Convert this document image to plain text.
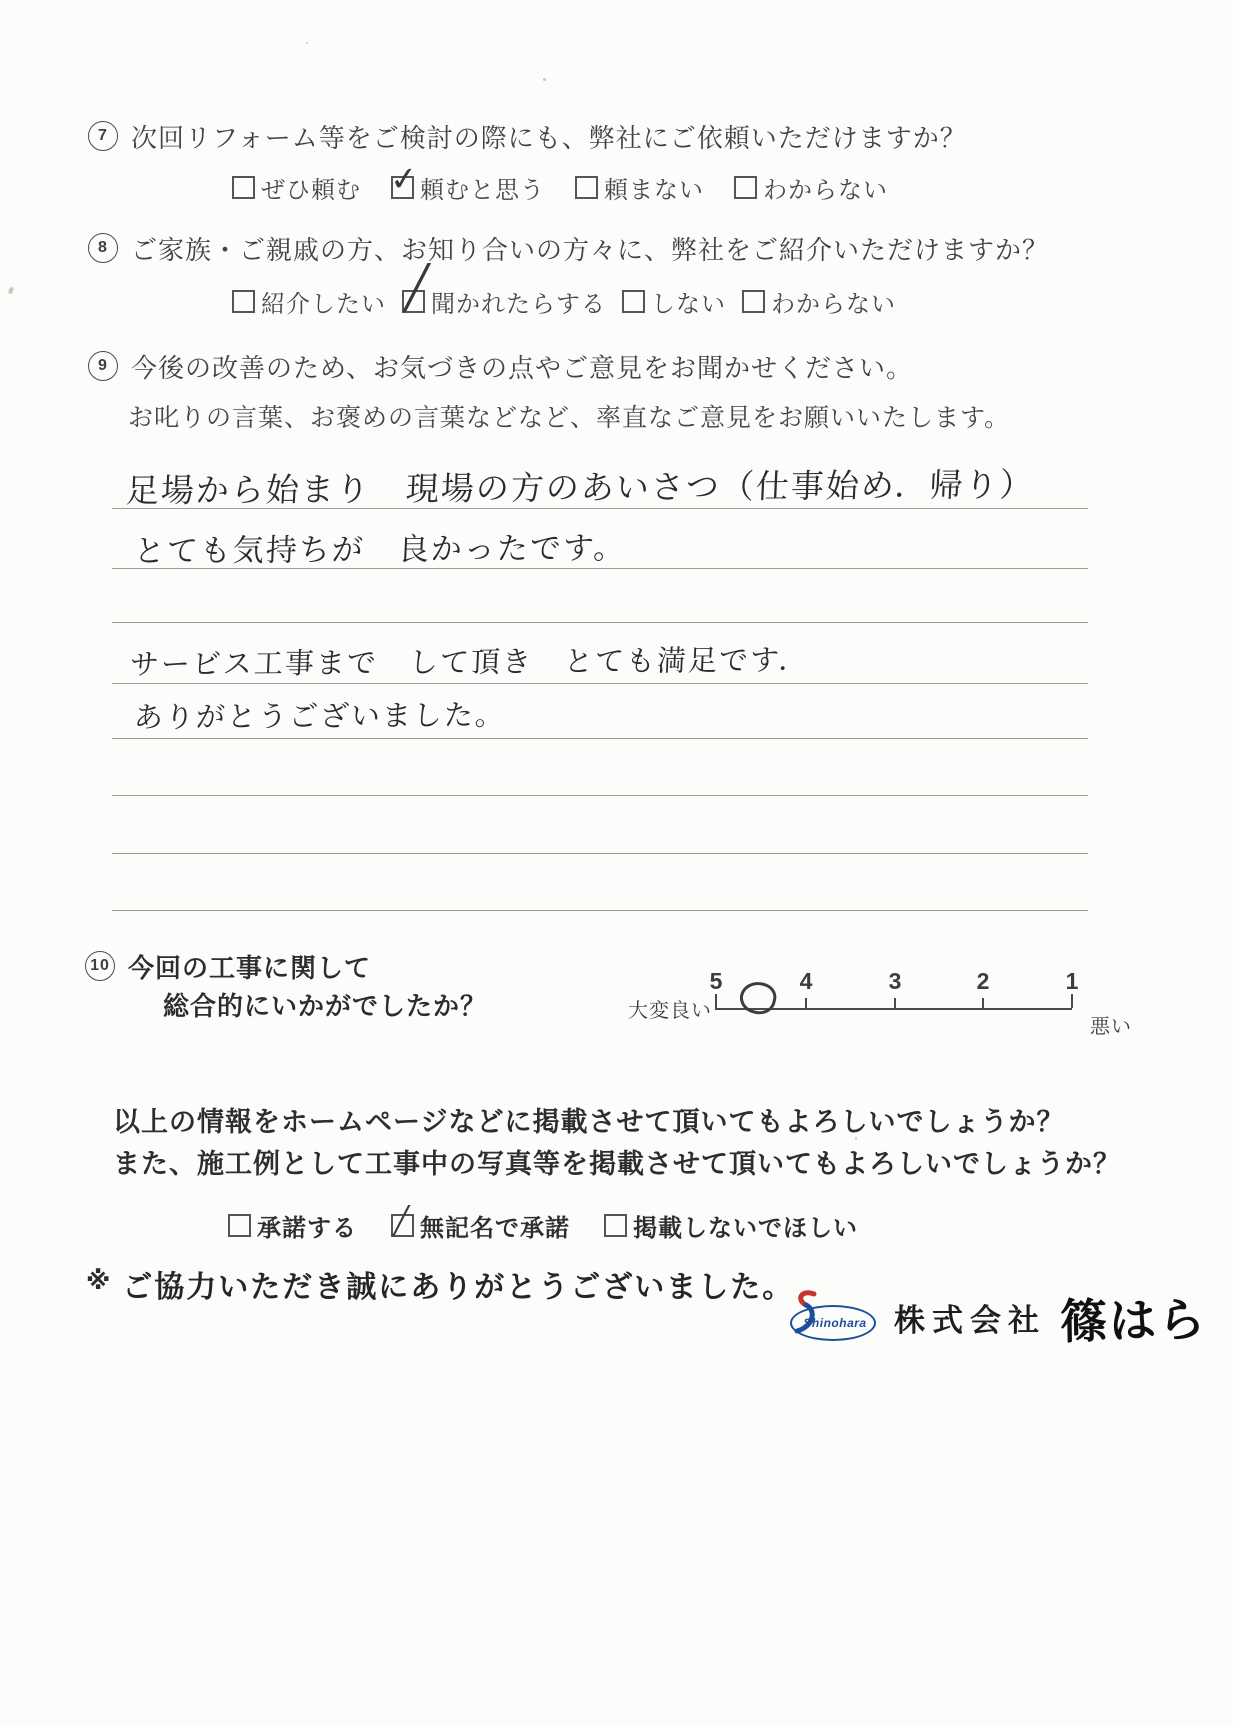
7 次回リフォーム等をご検討の際にも、弊社にご依頼いただけますか？
ぜひ頼む ✓ 頼むと思う 頼まない わからない
8 ご家族・ご親戚の方、お知り合いの方々に、弊社をご紹介いただけますか？
紹介したい ╱ 聞かれたらする しない わからない
9 今後の改善のため、お気づきの点やご意見をお聞かせください。
お叱りの言葉、お褒めの言葉などなど、率直なご意見をお願いいたします。
足場から始まり　現場の方のあいさつ（仕事始め．帰り）
とても気持ちが　良かったです。
サービス工事まで　して頂き　とても満足です．
ありがとうございました。
10 今回の工事に関して
総合的にいかがでしたか？	大変良い
5	4	3	2	1
悪い
以上の情報をホームページなどに掲載させて頂いてもよろしいでしょうか？
また、施工例として工事中の写真等を掲載させて頂いてもよろしいでしょうか？
承諾する ╱ 無記名で承諾	掲載しないでほしい
※ ご協力いただき誠にありがとうございました。
Shinohara 株式会社 篠はら
